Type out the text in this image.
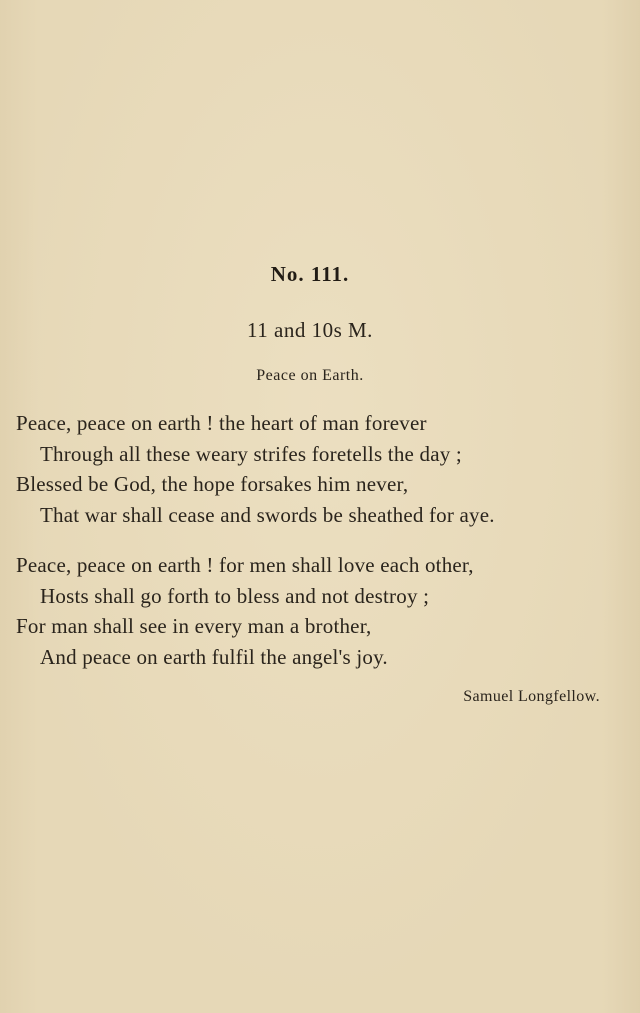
No. 111.
11 and 10s M.
Peace on Earth.
Peace, peace on earth ! the heart of man forever
Through all these weary strifes foretells the day ;
Blessed be God, the hope forsakes him never,
That war shall cease and swords be sheathed for aye.
Peace, peace on earth ! for men shall love each other,
Hosts shall go forth to bless and not destroy ;
For man shall see in every man a brother,
And peace on earth fulfil the angel's joy.
Samuel Longfellow.
